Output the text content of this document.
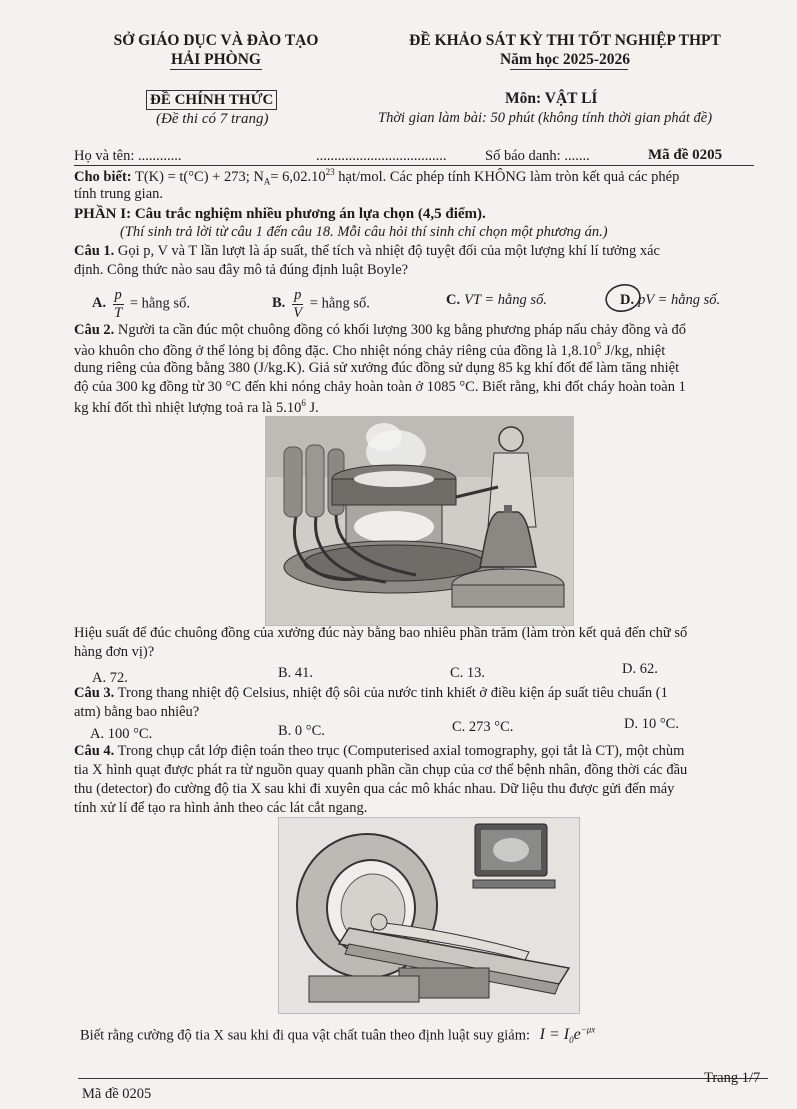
SỞ GIÁO DỤC VÀ ĐÀO TẠO
HẢI PHÒNG
ĐỀ KHẢO SÁT KỲ THI TỐT NGHIỆP THPT
Năm học 2025-2026
ĐỀ CHÍNH THỨC
(Đề thi có 7 trang)
Môn: VẬT LÍ
Thời gian làm bài: 50 phút (không tính thời gian phát đề)
Họ và tên: ............	....................................	Số báo danh: .......	Mã đề 0205
Cho biết: T(K) = t(°C) + 273; $N_A= 6,02.10^{23}$ hạt/mol. Các phép tính KHÔNG làm tròn kết quả các phép
tính trung gian.
PHẦN I: Câu trắc nghiệm nhiều phương án lựa chọn (4,5 điểm).
(Thí sinh trả lời từ câu 1 đến câu 18. Mỗi câu hỏi thí sinh chỉ chọn một phương án.)
Câu 1. Gọi p, V và T lần lượt là áp suất, thể tích và nhiệt độ tuyệt đối của một lượng khí lí tưởng xác
định. Công thức nào sau đây mô tả đúng định luật Boyle?
A. $\frac{p}{T}$ = hằng số.	B. $\frac{p}{V}$ = hằng số.	C. VT = hằng số.	D. pV = hằng số.
Câu 2. Người ta cần đúc một chuông đồng có khối lượng 300 kg bằng phương pháp nấu chảy đồng và đổ
vào khuôn cho đồng ở thể lỏng bị đông đặc. Cho nhiệt nóng chảy riêng của đồng là 1,8.10$^5$ J/kg, nhiệt
dung riêng của đồng bằng 380 (J/kg.K). Giả sử xưởng đúc đồng sử dụng 85 kg khí đốt để làm tăng nhiệt
độ của 300 kg đồng từ 30 °C đến khi nóng chảy hoàn toàn ở 1085 °C. Biết rằng, khi đốt cháy hoàn toàn 1
kg khí đốt thì nhiệt lượng toả ra là 5.10$^6$ J.
Hiệu suất để đúc chuông đồng của xưởng đúc này bằng bao nhiêu phần trăm (làm tròn kết quả đến chữ số
hàng đơn vị)?
A. 72.	B. 41.	C. 13.	D. 62.
Câu 3. Trong thang nhiệt độ Celsius, nhiệt độ sôi của nước tinh khiết ở điều kiện áp suất tiêu chuẩn (1
atm) bằng bao nhiêu?
A. 100 °C.	B. 0 °C.	C. 273 °C.	D. 10 °C.
Câu 4. Trong chụp cắt lớp điện toán theo trục (Computerised axial tomography, gọi tắt là CT), một chùm
tia X hình quạt được phát ra từ nguồn quay quanh phần cần chụp của cơ thể bệnh nhân, đồng thời các đầu
thu (detector) đo cường độ tia X sau khi đi xuyên qua các mô khác nhau. Dữ liệu thu được gửi đến máy
tính xử lí để tạo ra hình ảnh theo các lát cắt ngang.
Biết rằng cường độ tia X sau khi đi qua vật chất tuân theo định luật suy giảm: $I = I_0e^{-\mu x}$
Mã đề 0205
Trang 1/7
